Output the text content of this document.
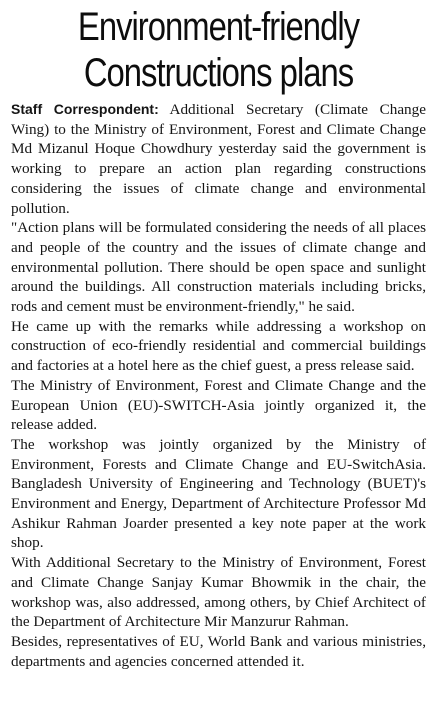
Environment-friendly
Constructions plans

Staff Correspondent: Additional Secretary (Climate Change Wing) to the Ministry of Environment, Forest and Climate Change Md Mizanul Hoque Chowdhury yesterday said the government is working to prepare an action plan regarding constructions considering the issues of climate change and environmental pollution.

"Action plans will be formulated considering the needs of all places and people of the country and the issues of climate change and environmental pollution. There should be open space and sunlight around the buildings. All construction materials including bricks, rods and cement must be environment-friendly," he said.

He came up with the remarks while addressing a workshop on construction of eco-friendly residential and commercial buildings and factories at a hotel here as the chief guest, a press release said.

The Ministry of Environment, Forest and Climate Change and the European Union (EU)-SWITCH-Asia jointly organized it, the release added.

The workshop was jointly organized by the Ministry of Environment, Forests and Climate Change and EU-SwitchAsia. Bangladesh University of Engineering and Technology (BUET)'s Environment and Energy, Department of Architecture Professor Md Ashikur Rahman Joarder presented a key note paper at the work shop.

With Additional Secretary to the Ministry of Environment, Forest and Climate Change Sanjay Kumar Bhowmik in the chair, the workshop was, also addressed, among others, by Chief Architect of the Department of Architecture Mir Manzurur Rahman.

Besides, representatives of EU, World Bank and various ministries, departments and agencies concerned attended it.
